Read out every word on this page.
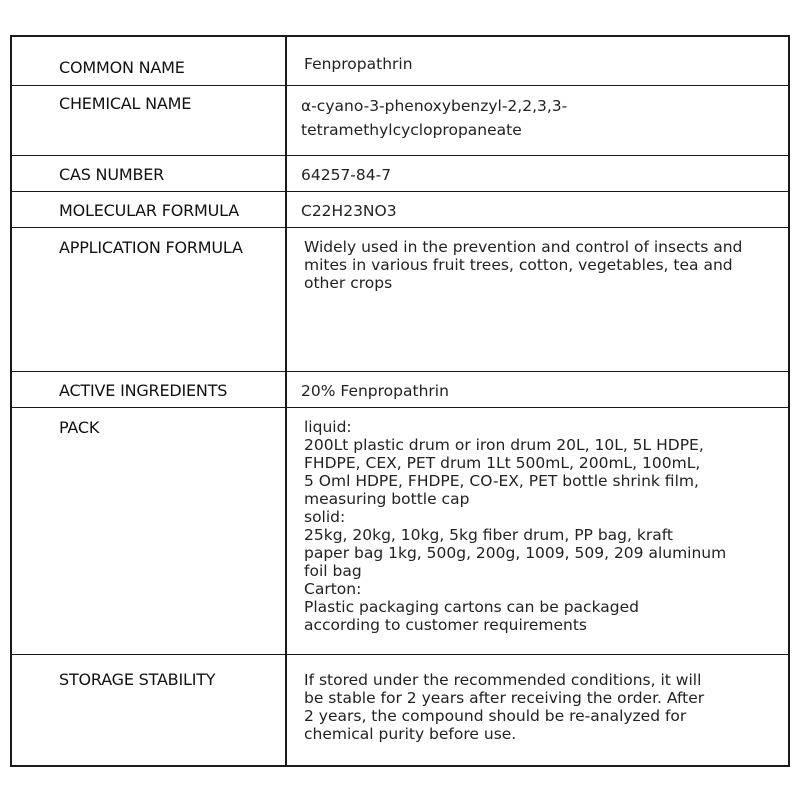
COMMON NAME	Fenpropathrin
CHEMICAL NAME	α-cyano-3-phenoxybenzyl-2,2,3,3-
tetramethylcyclopropaneate
CAS NUMBER	64257-84-7
MOLECULAR FORMULA	C22H23NO3
APPLICATION FORMULA	Widely used in the prevention and control of insects and
mites in various fruit trees, cotton, vegetables, tea and
other crops
ACTIVE INGREDIENTS	20% Fenpropathrin
PACK	liquid:
200Lt plastic drum or iron drum 20L, 10L, 5L HDPE,
FHDPE, CEX, PET drum 1Lt 500mL, 200mL, 100mL,
5 Oml HDPE, FHDPE, CO-EX, PET bottle shrink film,
measuring bottle cap
solid:
25kg, 20kg, 10kg, 5kg fiber drum, PP bag, kraft
paper bag 1kg, 500g, 200g, 1009, 509, 209 aluminum
foil bag
Carton:
Plastic packaging cartons can be packaged
according to customer requirements
STORAGE STABILITY	If stored under the recommended conditions, it will
be stable for 2 years after receiving the order. After
2 years, the compound should be re-analyzed for
chemical purity before use.
